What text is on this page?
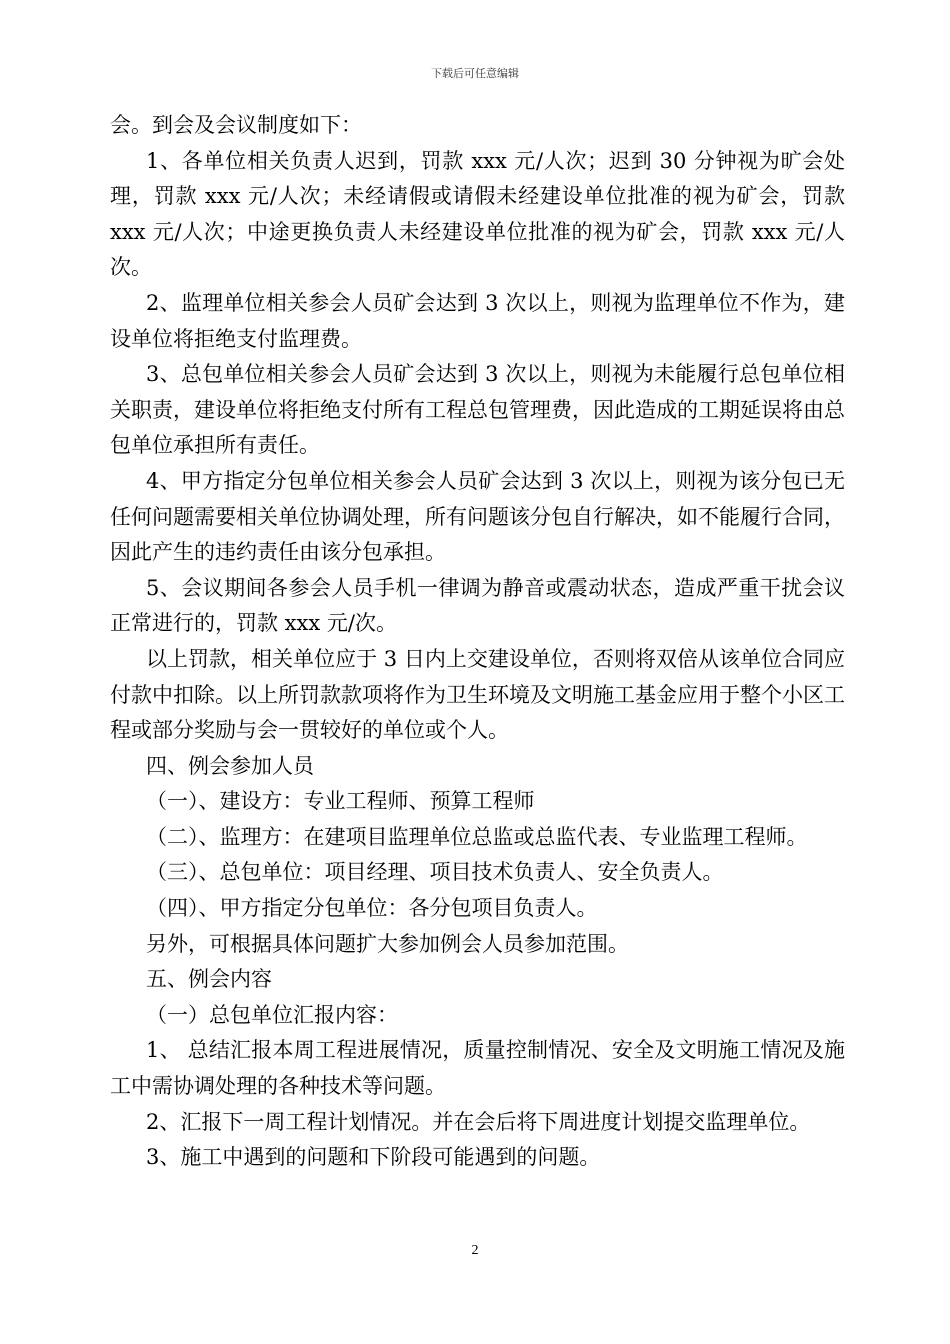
下载后可任意编辑

会。到会及会议制度如下：

1、各单位相关负责人迟到，罚款 xxx 元/人次；迟到 30 分钟视为旷会处理，罚款 xxx 元/人次；未经请假或请假未经建设单位批准的视为矿会，罚款 xxx 元/人次；中途更换负责人未经建设单位批准的视为矿会，罚款 xxx 元/人次。

2、监理单位相关参会人员矿会达到 3 次以上，则视为监理单位不作为，建设单位将拒绝支付监理费。

3、总包单位相关参会人员矿会达到 3 次以上，则视为未能履行总包单位相关职责，建设单位将拒绝支付所有工程总包管理费，因此造成的工期延误将由总包单位承担所有责任。

4、甲方指定分包单位相关参会人员矿会达到 3 次以上，则视为该分包已无任何问题需要相关单位协调处理，所有问题该分包自行解决，如不能履行合同，因此产生的违约责任由该分包承担。

5、会议期间各参会人员手机一律调为静音或震动状态，造成严重干扰会议正常进行的，罚款 xxx 元/次。

以上罚款，相关单位应于 3 日内上交建设单位，否则将双倍从该单位合同应付款中扣除。以上所罚款款项将作为卫生环境及文明施工基金应用于整个小区工程或部分奖励与会一贯较好的单位或个人。

四、例会参加人员

（一）、建设方：专业工程师、预算工程师

（二）、监理方：在建项目监理单位总监或总监代表、专业监理工程师。

（三）、总包单位：项目经理、项目技术负责人、安全负责人。

（四）、甲方指定分包单位：各分包项目负责人。

另外，可根据具体问题扩大参加例会人员参加范围。

五、例会内容

（一）总包单位汇报内容：

1、 总结汇报本周工程进展情况，质量控制情况、安全及文明施工情况及施工中需协调处理的各种技术等问题。

2、汇报下一周工程计划情况。并在会后将下周进度计划提交监理单位。

3、施工中遇到的问题和下阶段可能遇到的问题。

2
